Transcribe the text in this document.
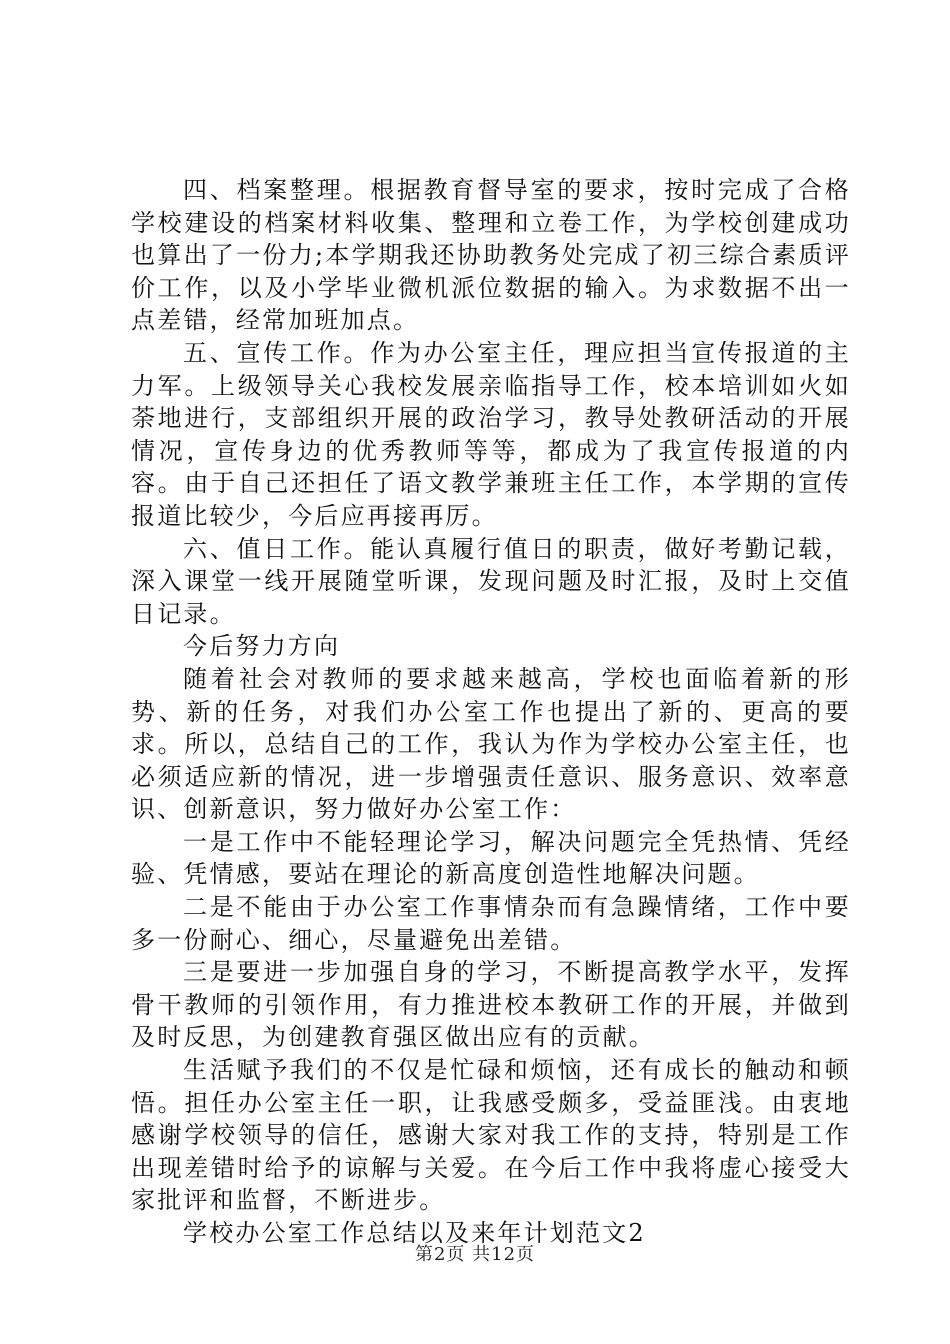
四、档案整理。根据教育督导室的要求，按时完成了合格学校建设的档案材料收集、整理和立卷工作，为学校创建成功也算出了一份力;本学期我还协助教务处完成了初三综合素质评价工作，以及小学毕业微机派位数据的输入。为求数据不出一点差错，经常加班加点。

五、宣传工作。作为办公室主任，理应担当宣传报道的主力军。上级领导关心我校发展亲临指导工作，校本培训如火如荼地进行，支部组织开展的政治学习，教导处教研活动的开展情况，宣传身边的优秀教师等等，都成为了我宣传报道的内容。由于自己还担任了语文教学兼班主任工作，本学期的宣传报道比较少，今后应再接再厉。

六、值日工作。能认真履行值日的职责，做好考勤记载，深入课堂一线开展随堂听课，发现问题及时汇报，及时上交值日记录。

今后努力方向

随着社会对教师的要求越来越高，学校也面临着新的形势、新的任务，对我们办公室工作也提出了新的、更高的要求。所以，总结自己的工作，我认为作为学校办公室主任，也必须适应新的情况，进一步增强责任意识、服务意识、效率意识、创新意识，努力做好办公室工作：

一是工作中不能轻理论学习，解决问题完全凭热情、凭经验、凭情感，要站在理论的新高度创造性地解决问题。

二是不能由于办公室工作事情杂而有急躁情绪，工作中要多一份耐心、细心，尽量避免出差错。

三是要进一步加强自身的学习，不断提高教学水平，发挥骨干教师的引领作用，有力推进校本教研工作的开展，并做到及时反思，为创建教育强区做出应有的贡献。

生活赋予我们的不仅是忙碌和烦恼，还有成长的触动和顿悟。担任办公室主任一职，让我感受颇多，受益匪浅。由衷地感谢学校领导的信任，感谢大家对我工作的支持，特别是工作出现差错时给予的谅解与关爱。在今后工作中我将虚心接受大家批评和监督，不断进步。

学校办公室工作总结以及来年计划范文2

第2页 共12页
